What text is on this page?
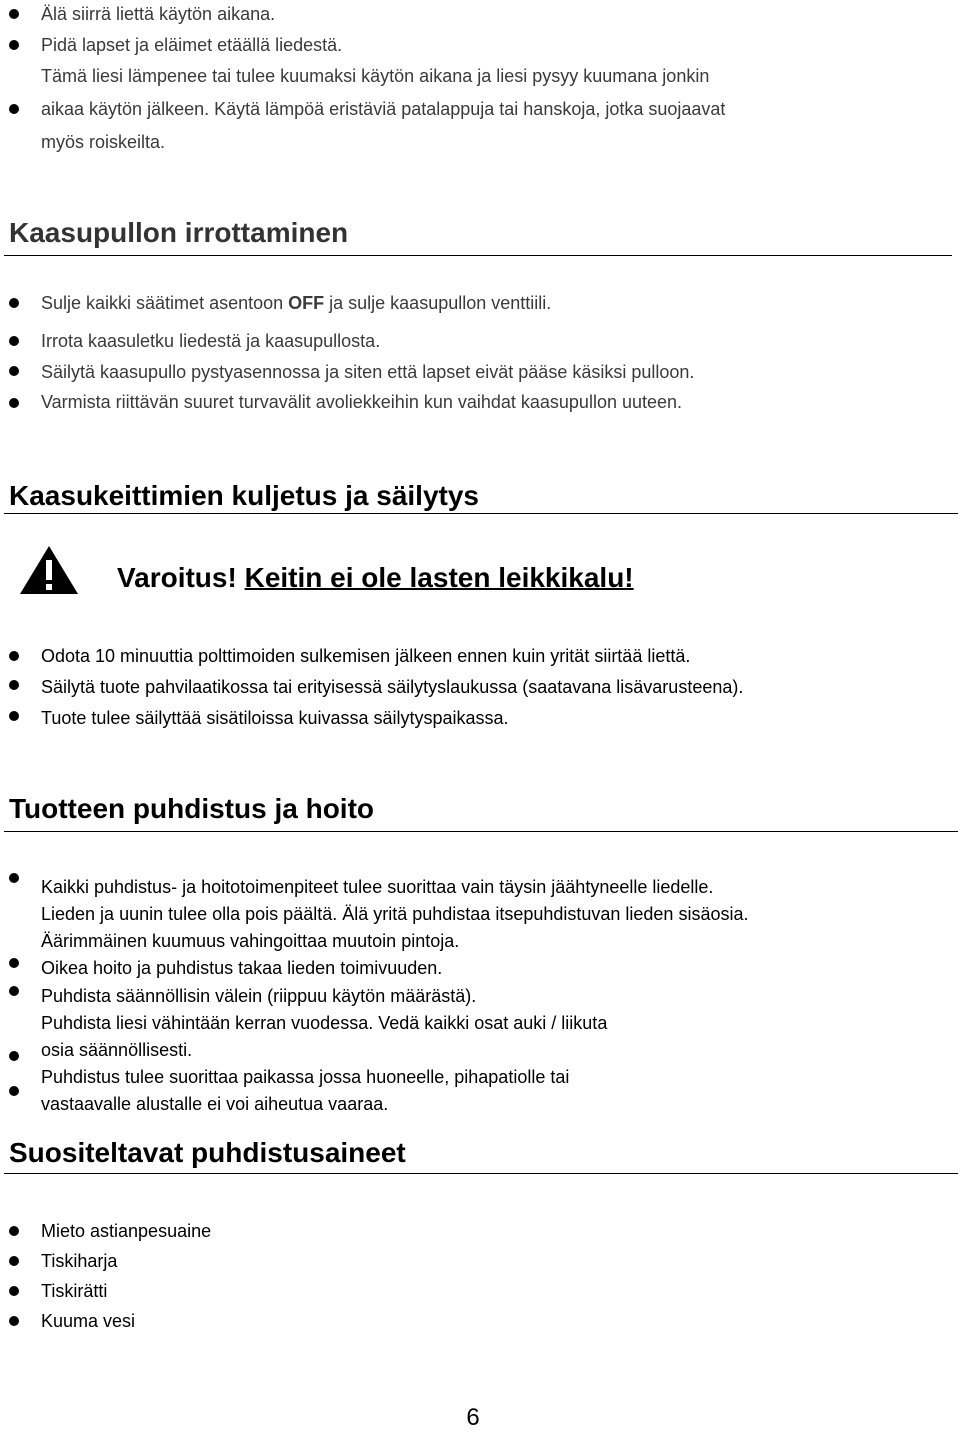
Älä siirrä liettä käytön aikana.
Pidä lapset ja eläimet etäällä liedestä.
Tämä liesi lämpenee tai tulee kuumaksi käytön aikana ja liesi pysyy kuumana jonkin
aikaa käytön jälkeen. Käytä lämpöä eristäviä patalappuja tai hanskoja, jotka suojaavat
myös roiskeilta.
Kaasupullon irrottaminen
Sulje kaikki säätimet asentoon OFF ja sulje kaasupullon venttiili.
Irrota kaasuletku liedestä ja kaasupullosta.
Säilytä kaasupullo pystyasennossa ja siten että lapset eivät pääse käsiksi pulloon.
Varmista riittävän suuret turvavälit avoliekkeihin kun vaihdat kaasupullon uuteen.
Kaasukeittimien kuljetus ja säilytys
Varoitus! Keitin ei ole lasten leikkikalu!
Odota 10 minuuttia polttimoiden sulkemisen jälkeen ennen kuin yrität siirtää liettä.
Säilytä tuote pahvilaatikossa tai erityisessä säilytyslaukussa (saatavana lisävarusteena).
Tuote tulee säilyttää sisätiloissa kuivassa säilytyspaikassa.
Tuotteen puhdistus ja hoito
Kaikki puhdistus- ja hoitotoimenpiteet tulee suorittaa vain täysin jäähtyneelle liedelle.
Lieden ja uunin tulee olla pois päältä. Älä yritä puhdistaa itsepuhdistuvan lieden sisäosia.
Äärimmäinen kuumuus vahingoittaa muutoin pintoja.
Oikea hoito ja puhdistus takaa lieden toimivuuden.
Puhdista säännöllisin välein (riippuu käytön määrästä).
Puhdista liesi vähintään kerran vuodessa. Vedä kaikki osat auki / liikuta
osia säännöllisesti.
Puhdistus tulee suorittaa paikassa jossa huoneelle, pihapatiolle tai
vastaavalle alustalle ei voi aiheutua vaaraa.
Suositeltavat puhdistusaineet
Mieto astianpesuaine
Tiskiharja
Tiskirätti
Kuuma vesi
6
